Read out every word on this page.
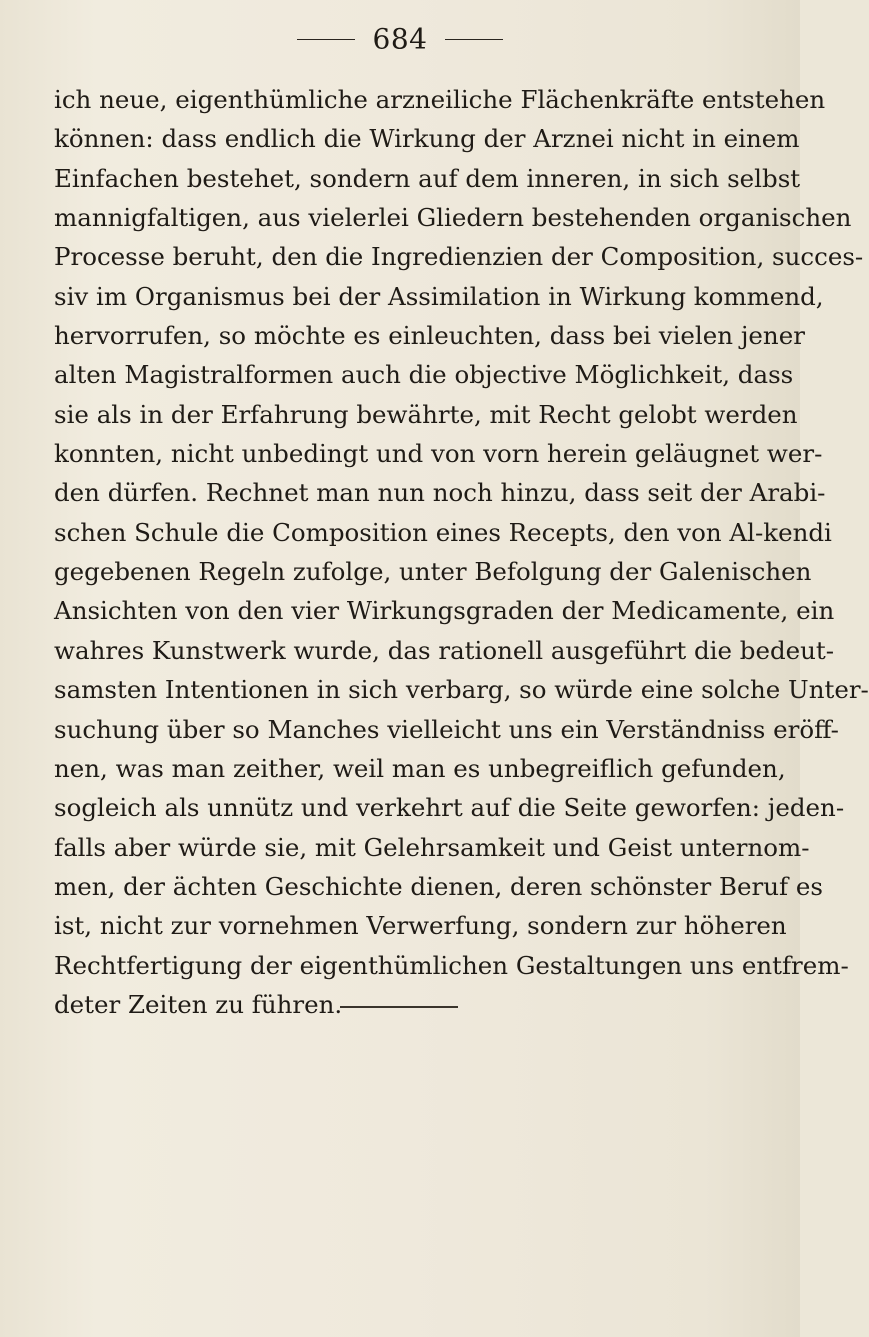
684
ich neue, eigenthümliche arzneiliche Flächenkräfte entstehen
können: dass endlich die Wirkung der Arznei nicht in einem
Einfachen bestehet, sondern auf dem inneren, in sich selbst
mannigfaltigen, aus vielerlei Gliedern bestehenden organischen
Processe beruht, den die Ingredienzien der Composition, succes-
siv im Organismus bei der Assimilation in Wirkung kommend,
hervorrufen, so möchte es einleuchten, dass bei vielen jener
alten Magistralformen auch die objective Möglichkeit, dass
sie als in der Erfahrung bewährte, mit Recht gelobt werden
konnten, nicht unbedingt und von vorn herein geläugnet wer-
den dürfen. Rechnet man nun noch hinzu, dass seit der Arabi-
schen Schule die Composition eines Recepts, den von Al-kendi
gegebenen Regeln zufolge, unter Befolgung der Galenischen
Ansichten von den vier Wirkungsgraden der Medicamente, ein
wahres Kunstwerk wurde, das rationell ausgeführt die bedeut-
samsten Intentionen in sich verbarg, so würde eine solche Unter-
suchung über so Manches vielleicht uns ein Verständniss eröff-
nen, was man zeither, weil man es unbegreiflich gefunden,
sogleich als unnütz und verkehrt auf die Seite geworfen: jeden-
falls aber würde sie, mit Gelehrsamkeit und Geist unternom-
men, der ächten Geschichte dienen, deren schönster Beruf es
ist, nicht zur vornehmen Verwerfung, sondern zur höheren
Rechtfertigung der eigenthümlichen Gestaltungen uns entfrem-
deter Zeiten zu führen.
